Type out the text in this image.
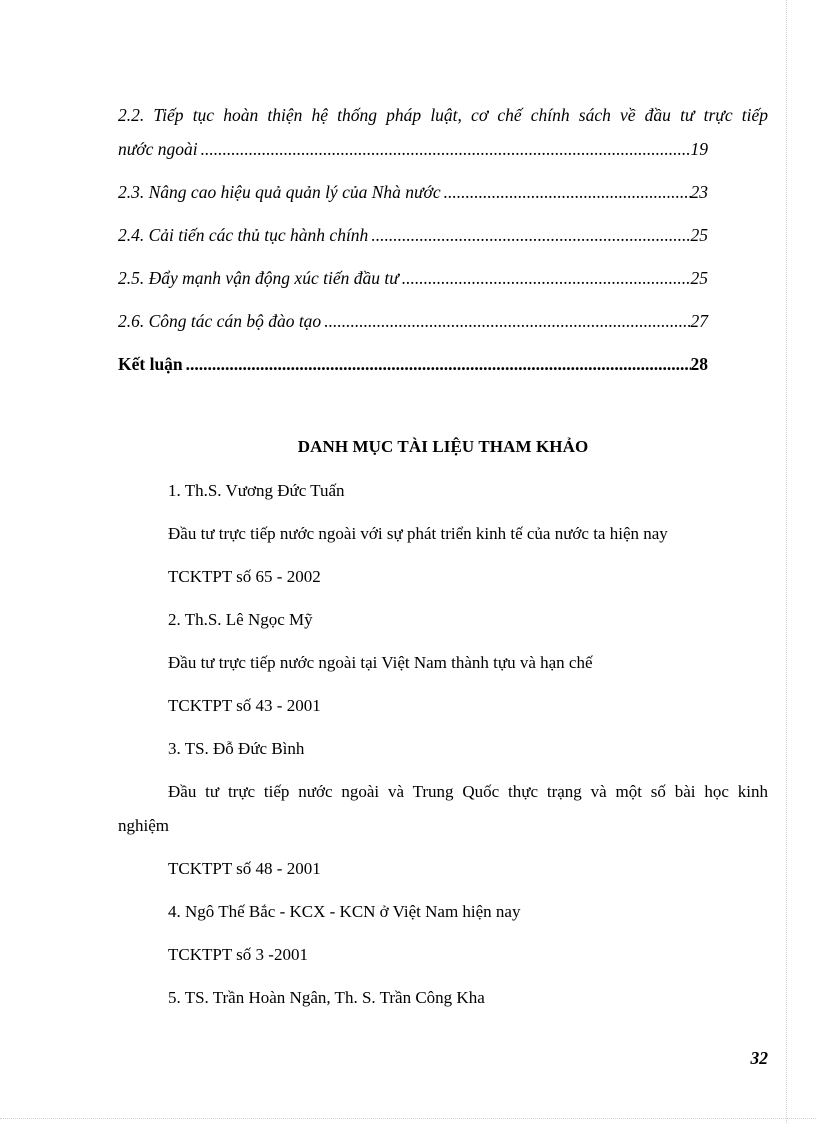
2.2. Tiếp tục hoàn thiện hệ thống pháp luật, cơ chế chính sách về đầu tư trực tiếp
nước ngoài .....	19
2.3. Nâng cao hiệu quả quản lý của Nhà nước .....	23
2.4. Cải tiến các thủ tục hành chính .....	25
2.5. Đẩy mạnh vận động xúc tiến đầu tư .....	25
2.6. Công tác cán bộ đào tạo .....	27
Kết luận .....	28
DANH MỤC TÀI LIỆU THAM KHẢO
1. Th.S. Vương Đức Tuấn
Đầu tư trực tiếp nước ngoài với sự phát triển kinh tế của nước ta hiện nay
TCKTPT số 65 - 2002
2. Th.S. Lê Ngọc Mỹ
Đầu tư trực tiếp nước ngoài tại Việt Nam thành tựu và hạn chế
TCKTPT số 43 - 2001
3. TS. Đỗ Đức Bình
Đầu tư trực tiếp nước ngoài và Trung Quốc thực trạng và một số bài học kinh
nghiệm
TCKTPT số 48 - 2001
4. Ngô Thế Bắc - KCX - KCN ở Việt Nam hiện nay
TCKTPT số 3 -2001
5. TS. Trần Hoàn Ngân, Th. S. Trần Công Kha
32
